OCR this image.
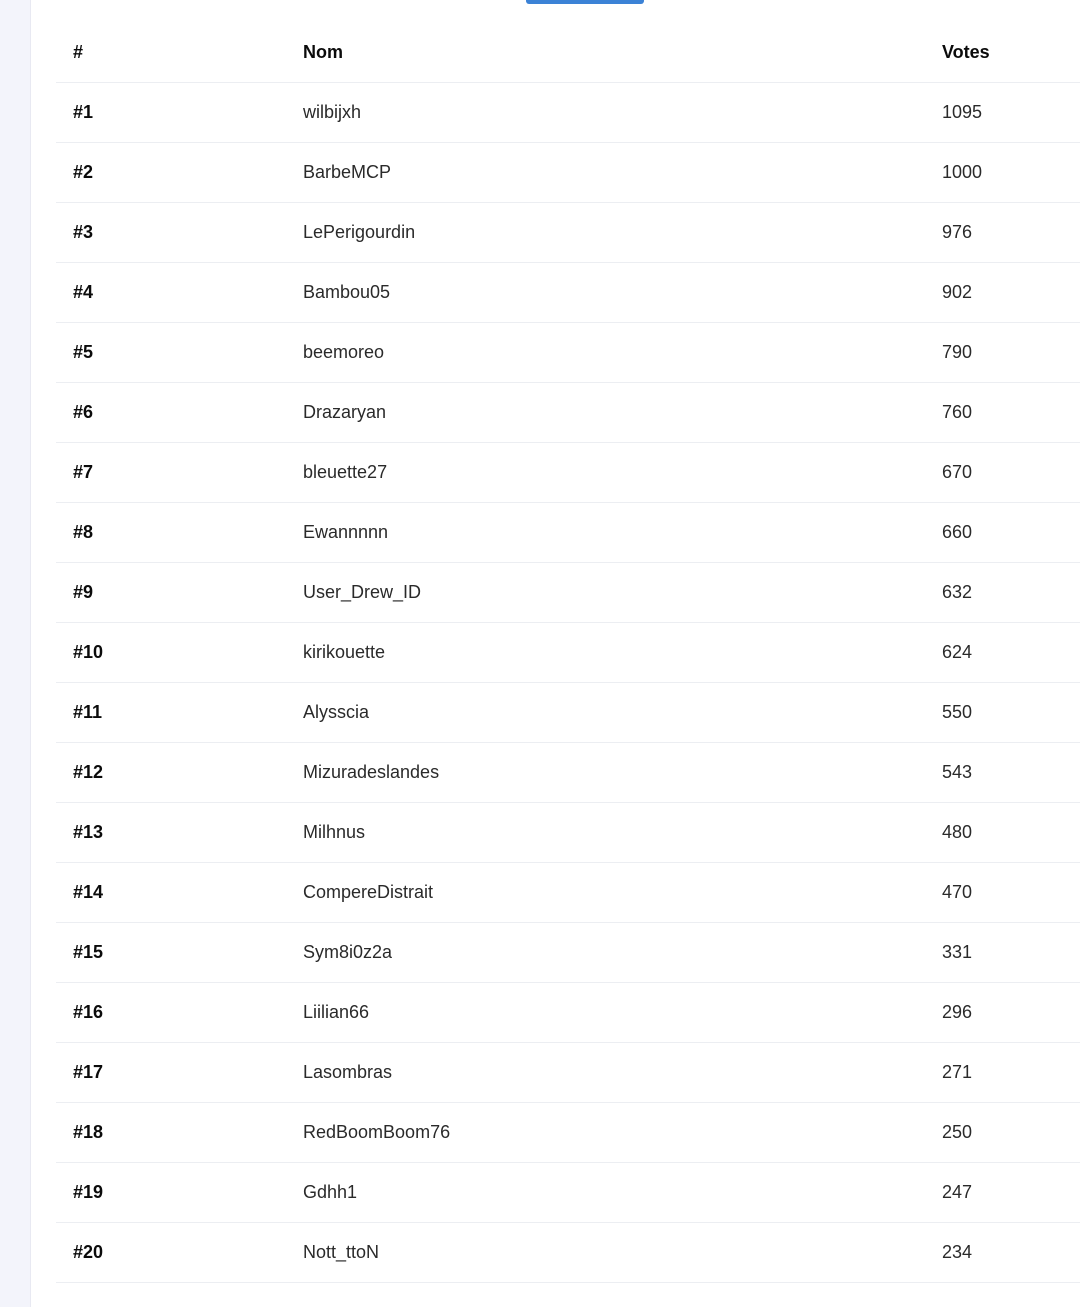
#	Nom	Votes
#1	wilbijxh	1095
#2	BarbeMCP	1000
#3	LePerigourdin	976
#4	Bambou05	902
#5	beemoreo	790
#6	Drazaryan	760
#7	bleuette27	670
#8	Ewannnnn	660
#9	User_Drew_ID	632
#10	kirikouette	624
#11	Alysscia	550
#12	Mizuradeslandes	543
#13	Milhnus	480
#14	CompereDistrait	470
#15	Sym8i0z2a	331
#16	Liilian66	296
#17	Lasombras	271
#18	RedBoomBoom76	250
#19	Gdhh1	247
#20	Nott_ttoN	234
